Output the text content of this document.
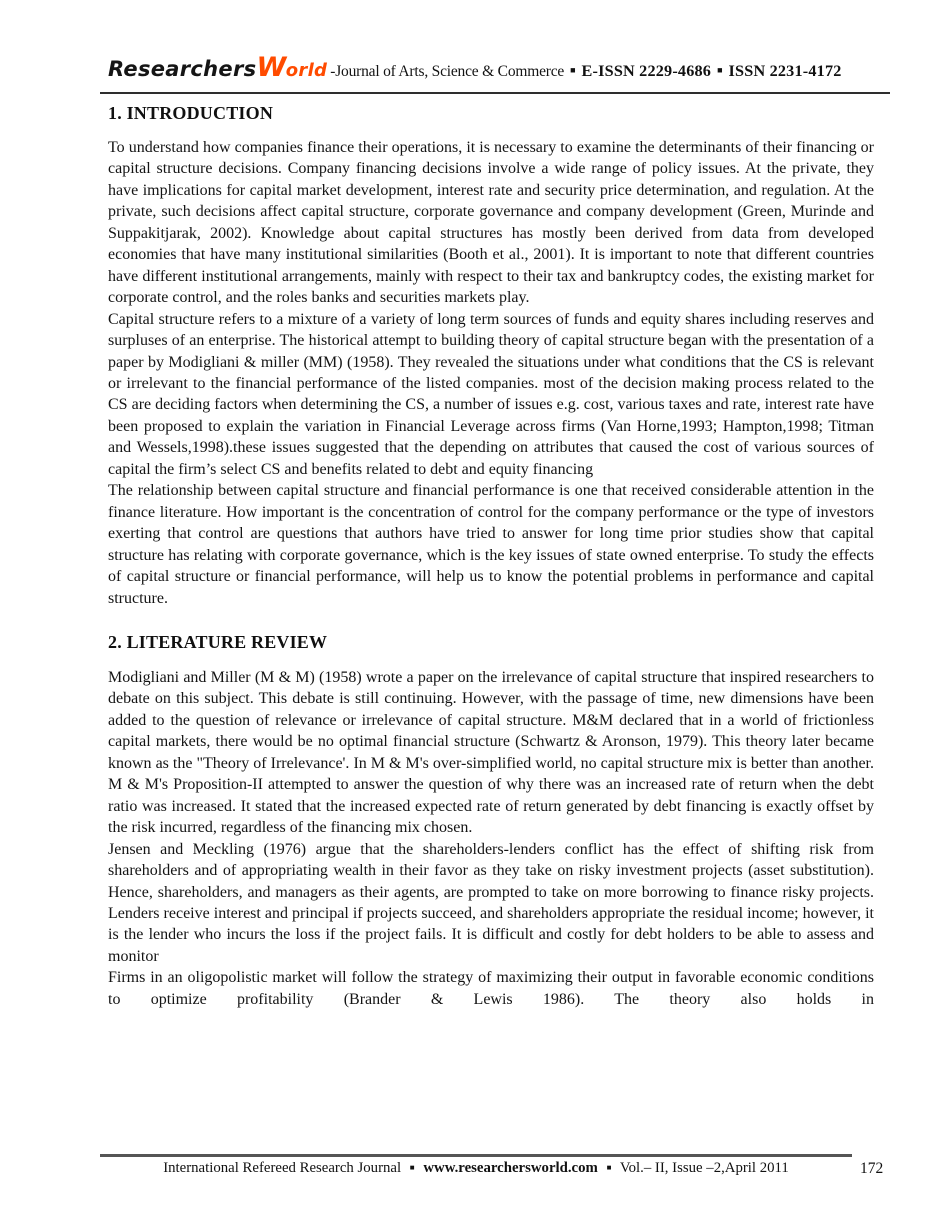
ResearchersWorld -Journal of Arts, Science & Commerce ■ E-ISSN 2229-4686 ■ ISSN 2231-4172
1. INTRODUCTION

To understand how companies finance their operations, it is necessary to examine the determinants of their financing or capital structure decisions. Company financing decisions involve a wide range of policy issues. At the private, they have implications for capital market development, interest rate and security price determination, and regulation. At the private, such decisions affect capital structure, corporate governance and company development (Green, Murinde and Suppakitjarak, 2002). Knowledge about capital structures has mostly been derived from data from developed economies that have many institutional similarities (Booth et al., 2001). It is important to note that different countries have different institutional arrangements, mainly with respect to their tax and bankruptcy codes, the existing market for corporate control, and the roles banks and securities markets play.

Capital structure refers to a mixture of a variety of long term sources of funds and equity shares including reserves and surpluses of an enterprise. The historical attempt to building theory of capital structure began with the presentation of a paper by Modigliani & miller (MM) (1958). They revealed the situations under what conditions that the CS is relevant or irrelevant to the financial performance of the listed companies. most of the decision making process related to the CS are deciding factors when determining the CS, a number of issues e.g. cost, various taxes and rate, interest rate have been proposed to explain the variation in Financial Leverage across firms (Van Horne,1993; Hampton,1998; Titman and Wessels,1998).these issues suggested that the depending on attributes that caused the cost of various sources of capital the firm’s select CS and benefits related to debt and equity financing

The relationship between capital structure and financial performance is one that received considerable attention in the finance literature. How important is the concentration of control for the company performance or the type of investors exerting that control are questions that authors have tried to answer for long time prior studies show that capital structure has relating with corporate governance, which is the key issues of state owned enterprise. To study the effects of capital structure or financial performance, will help us to know the potential problems in performance and capital structure.

2. LITERATURE REVIEW

Modigliani and Miller (M & M) (1958) wrote a paper on the irrelevance of capital structure that inspired researchers to debate on this subject. This debate is still continuing. However, with the passage of time, new dimensions have been added to the question of relevance or irrelevance of capital structure. M&M declared that in a world of frictionless capital markets, there would be no optimal financial structure (Schwartz & Aronson, 1979). This theory later became known as the "Theory of Irrelevance'. In M & M's over-simplified world, no capital structure mix is better than another. M & M's Proposition-II attempted to answer the question of why there was an increased rate of return when the debt ratio was increased. It stated that the increased expected rate of return generated by debt financing is exactly offset by the risk incurred, regardless of the financing mix chosen.

Jensen and Meckling (1976) argue that the shareholders-lenders conflict has the effect of shifting risk from shareholders and of appropriating wealth in their favor as they take on risky investment projects (asset substitution). Hence, shareholders, and managers as their agents, are prompted to take on more borrowing to finance risky projects. Lenders receive interest and principal if projects succeed, and shareholders appropriate the residual income; however, it is the lender who incurs the loss if the project fails. It is difficult and costly for debt holders to be able to assess and monitor

Firms in an oligopolistic market will follow the strategy of maximizing their output in favorable economic conditions to optimize profitability (Brander & Lewis 1986). The theory also holds in

International Refereed Research Journal ■ www.researchersworld.com ■ Vol.– II, Issue –2,April 2011	172
